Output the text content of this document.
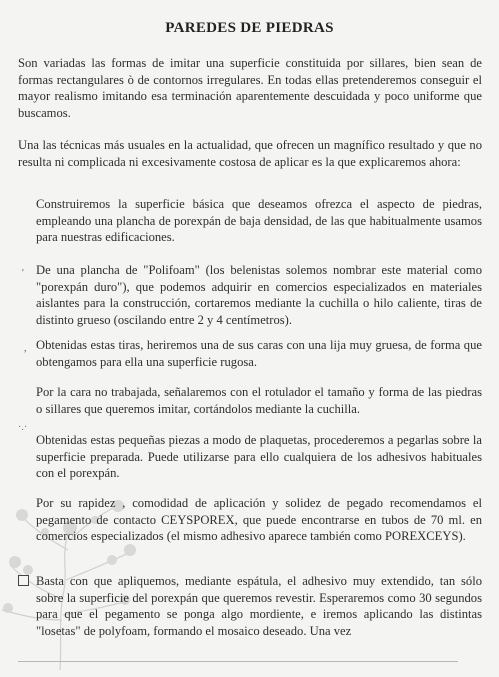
PAREDES DE PIEDRAS
Son variadas las formas de imitar una superficie constituida por sillares, bien sean de formas rectangulares ò de contornos irregulares. En todas ellas pretenderemos conseguir el mayor realismo imitando esa terminación aparentemente descuidada y poco uniforme que buscamos.
Una las técnicas más usuales en la actualidad, que ofrecen un magnífico resultado y que no resulta ni complicada ni excesivamente costosa de aplicar es la que explicaremos ahora:
Construiremos la superficie básica que deseamos ofrezca el aspecto de piedras, empleando una plancha de porexpán de baja densidad, de las que habitualmente usamos para nuestras edificaciones.
De una plancha de "Polifoam" (los belenistas solemos nombrar este material como "porexpán duro"), que podemos adquirir en comercios especializados en materiales aislantes para la construcción, cortaremos mediante la cuchilla o hilo caliente, tiras de distinto grueso (oscilando entre 2 y 4 centímetros).
Obtenidas estas tiras, heriremos una de sus caras con una lija muy gruesa, de forma que obtengamos para ella una superficie rugosa.
Por la cara no trabajada, señalaremos con el rotulador el tamaño y forma de las piedras o sillares que queremos imitar, cortándolos mediante la cuchilla.
Obtenidas estas pequeñas piezas a modo de plaquetas, procederemos a pegarlas sobre la superficie preparada. Puede utilizarse para ello cualquiera de los adhesivos habituales con el porexpán.
Por su rapidez , comodidad de aplicación y solidez de pegado recomendamos el pegamento de contacto CEYSPOREX, que puede encontrarse en tubos de 70 ml. en comercios especializados (el mismo adhesivo aparece también como POREXCEYS).
Basta con que apliquemos, mediante espátula, el adhesivo muy extendido, tan sólo sobre la superficie del porexpán que queremos revestir. Esperaremos como 30 segundos para que el pegamento se ponga algo mordiente, e iremos aplicando las distintas "losetas" de polyfoam, formando el mosaico deseado. Una vez
'
,
·.·
